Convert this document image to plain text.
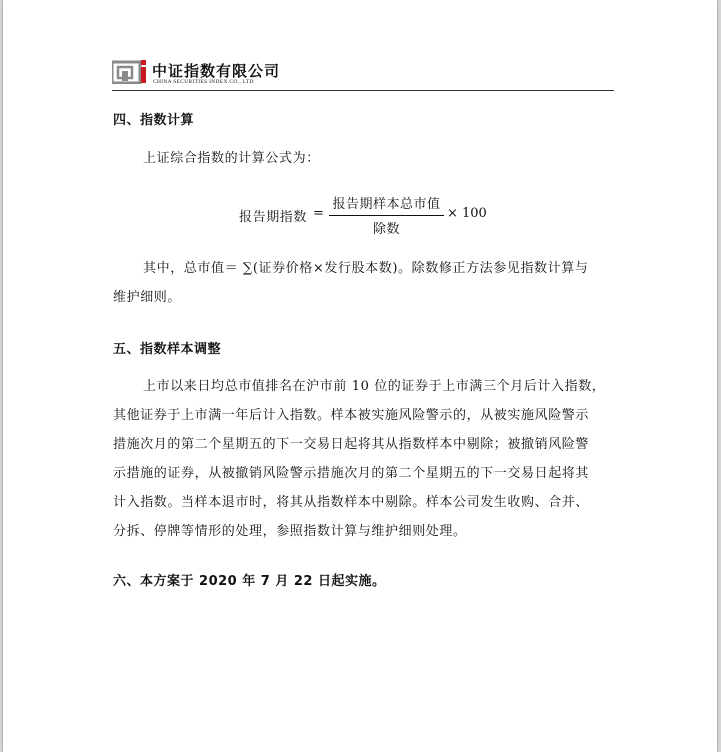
中证指数有限公司
CHINA SECURITIES INDEX CO., LTD
四、指数计算
上证综合指数的计算公式为：
报告期指数 =
报告期样本总市值
除数
× 100
其中，总市值＝ ∑(证券价格×发行股本数)。除数修正方法参见指数计算与
维护细则。
五、指数样本调整
上市以来日均总市值排名在沪市前 10 位的证券于上市满三个月后计入指数，
其他证券于上市满一年后计入指数。样本被实施风险警示的，从被实施风险警示
措施次月的第二个星期五的下一交易日起将其从指数样本中剔除；被撤销风险警
示措施的证券，从被撤销风险警示措施次月的第二个星期五的下一交易日起将其
计入指数。当样本退市时，将其从指数样本中剔除。样本公司发生收购、合并、
分拆、停牌等情形的处理，参照指数计算与维护细则处理。
六、本方案于 2020 年 7 月 22 日起实施。
